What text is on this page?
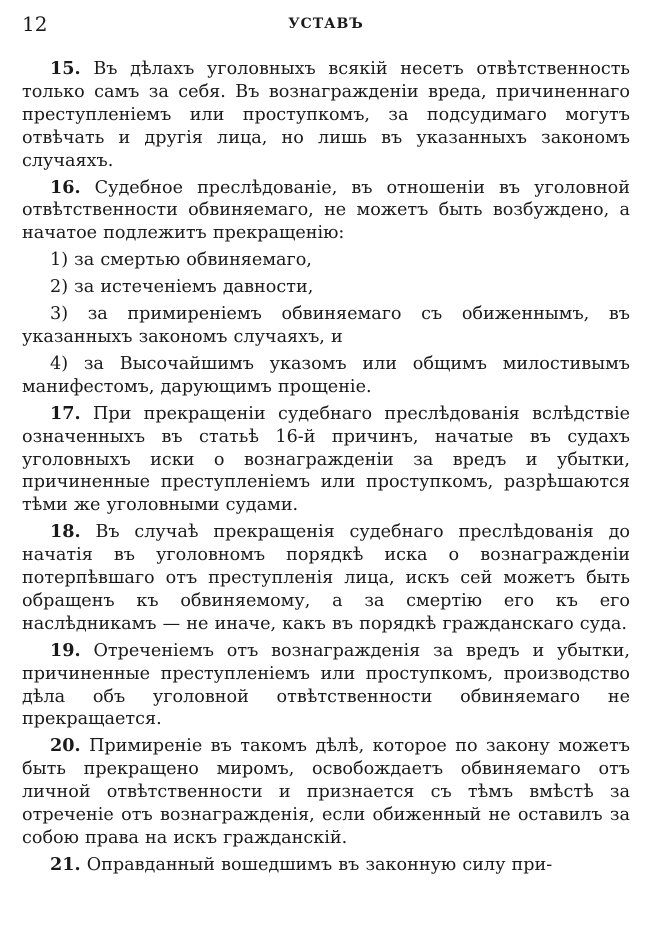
12	УСТАВЪ

15. Въ дѣлахъ уголовныхъ всякій несетъ отвѣтственность только самъ за себя. Въ вознагражденіи вреда, причиненнаго преступленіемъ или проступкомъ, за подсудимаго могутъ отвѣчать и другія лица, но лишь въ указанныхъ закономъ случаяхъ.

16. Судебное преслѣдованіе, въ отношеніи въ уголовной отвѣтственности обвиняемаго, не можетъ быть возбуждено, а начатое подлежитъ прекращенію:

1) за смертью обвиняемаго,

2) за истеченіемъ давности,

3) за примиреніемъ обвиняемаго съ обиженнымъ, въ указанныхъ закономъ случаяхъ, и

4) за Высочайшимъ указомъ или общимъ милостивымъ манифестомъ, дарующимъ прощеніе.

17. При прекращеніи судебнаго преслѣдованія вслѣдствіе означенныхъ въ статьѣ 16-й причинъ, начатые въ судахъ уголовныхъ иски о вознагражденіи за вредъ и убытки, причиненные преступленіемъ или проступкомъ, разрѣшаются тѣми же уголовными судами.

18. Въ случаѣ прекращенія судебнаго преслѣдованія до начатія въ уголовномъ порядкѣ иска о вознагражденіи потерпѣвшаго отъ преступленія лица, искъ сей можетъ быть обращенъ къ обвиняемому, а за смертію его къ его наслѣдникамъ — не иначе, какъ въ порядкѣ гражданскаго суда.

19. Отреченіемъ отъ вознагражденія за вредъ и убытки, причиненные преступленіемъ или проступкомъ, производство дѣла объ уголовной отвѣтственности обвиняемаго не прекращается.

20. Примиреніе въ такомъ дѣлѣ, которое по закону можетъ быть прекращено миромъ, освобождаетъ обвиняемаго отъ личной отвѣтственности и признается съ тѣмъ вмѣстѣ за отреченіе отъ вознагражденія, если обиженный не оставилъ за собою права на искъ гражданскій.

21. Оправданный вошедшимъ въ законную силу при-
